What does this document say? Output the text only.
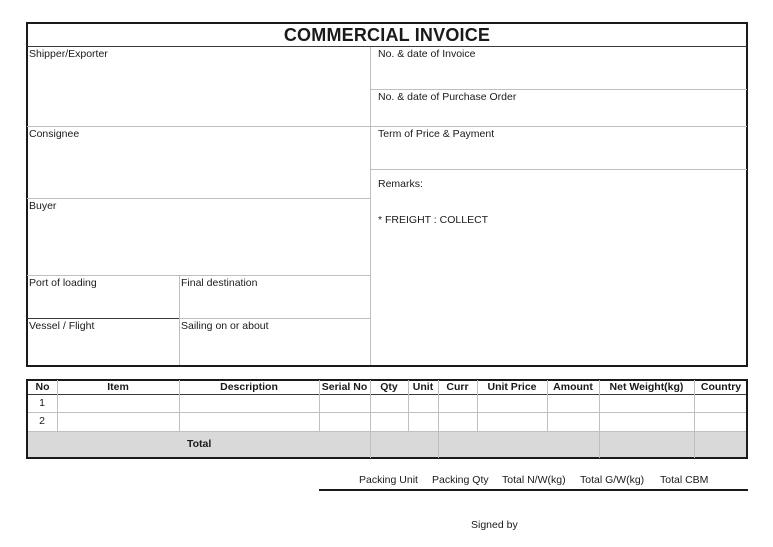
COMMERCIAL INVOICE
Shipper/Exporter
Consignee
Buyer
Port of loading	Final destination
Vessel / Flight	Sailing on or about
No. & date of Invoice
No. & date of Purchase Order
Term of Price & Payment
Remarks:
* FREIGHT : COLLECT
No	Item	Description	Serial No	Qty	Unit	Curr	Unit Price	Amount	Net Weight(kg)	Country
1
2
Total
Packing Unit Packing Qty Total N/W(kg) Total G/W(kg) Total CBM
Signed by
